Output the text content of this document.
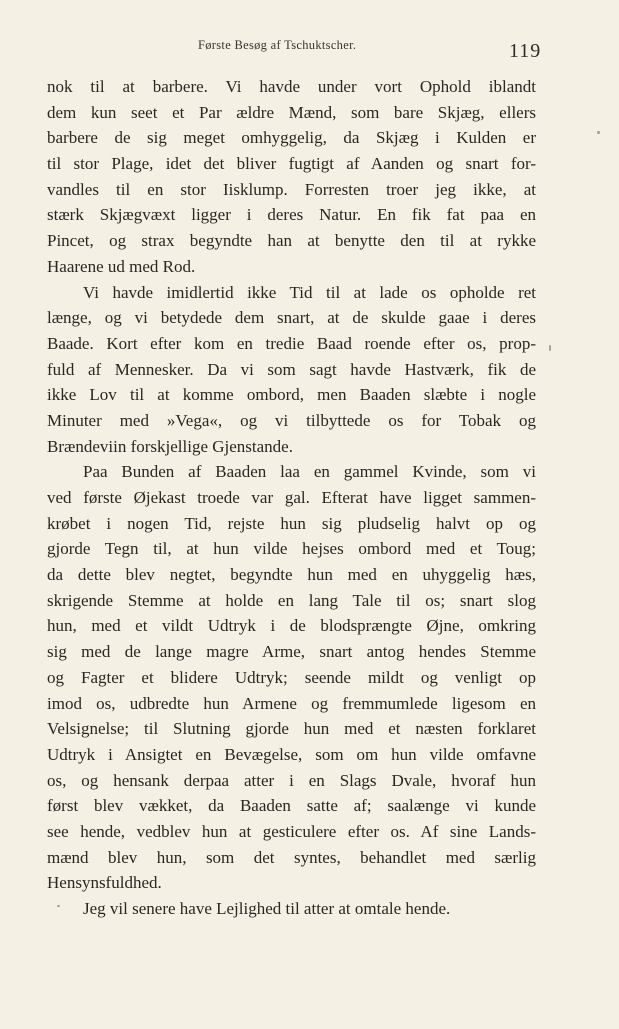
Første Besøg af Tschuktscher.	119
nok til at barbere. Vi havde under vort Ophold iblandt
dem kun seet et Par ældre Mænd, som bare Skjæg, ellers
barbere de sig meget omhyggelig, da Skjæg i Kulden er
til stor Plage, idet det bliver fugtigt af Aanden og snart for-
vandles til en stor Iisklump. Forresten troer jeg ikke, at
stærk Skjægvæxt ligger i deres Natur. En fik fat paa en
Pincet, og strax begyndte han at benytte den til at rykke
Haarene ud med Rod.
Vi havde imidlertid ikke Tid til at lade os opholde ret
længe, og vi betydede dem snart, at de skulde gaae i deres
Baade. Kort efter kom en tredie Baad roende efter os, prop-
fuld af Mennesker. Da vi som sagt havde Hastværk, fik de
ikke Lov til at komme ombord, men Baaden slæbte i nogle
Minuter med »Vega«, og vi tilbyttede os for Tobak og
Brændeviin forskjellige Gjenstande.
Paa Bunden af Baaden laa en gammel Kvinde, som vi
ved første Øjekast troede var gal. Efterat have ligget sammen-
krøbet i nogen Tid, rejste hun sig pludselig halvt op og
gjorde Tegn til, at hun vilde hejses ombord med et Toug;
da dette blev negtet, begyndte hun med en uhyggelig hæs,
skrigende Stemme at holde en lang Tale til os; snart slog
hun, med et vildt Udtryk i de blodsprængte Øjne, omkring
sig med de lange magre Arme, snart antog hendes Stemme
og Fagter et blidere Udtryk; seende mildt og venligt op
imod os, udbredte hun Armene og fremmumlede ligesom en
Velsignelse; til Slutning gjorde hun med et næsten forklaret
Udtryk i Ansigtet en Bevægelse, som om hun vilde omfavne
os, og hensank derpaa atter i en Slags Dvale, hvoraf hun
først blev vækket, da Baaden satte af; saalænge vi kunde
see hende, vedblev hun at gesticulere efter os. Af sine Lands-
mænd blev hun, som det syntes, behandlet med særlig
Hensynsfuldhed.
Jeg vil senere have Lejlighed til atter at omtale hende.
